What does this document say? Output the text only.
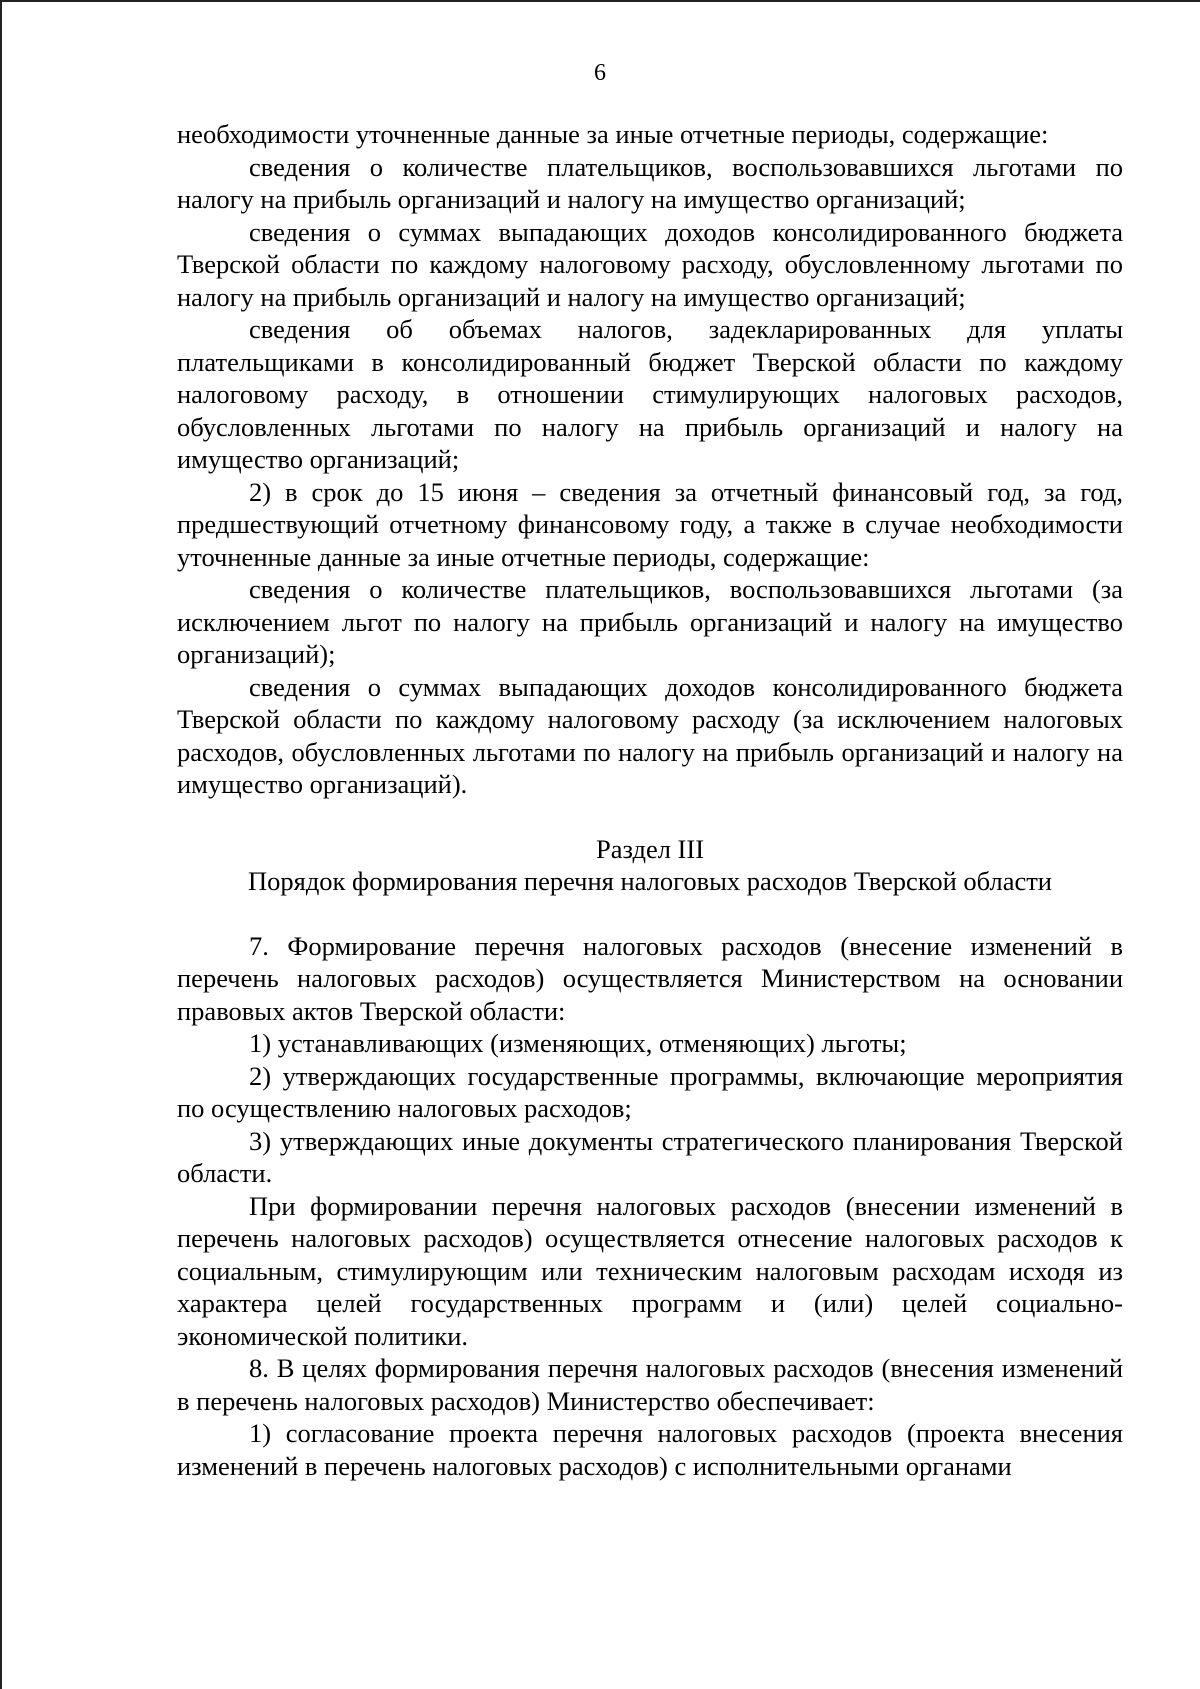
6

необходимости уточненные данные за иные отчетные периоды, содержащие:

сведения о количестве плательщиков, воспользовавшихся льготами по налогу на прибыль организаций и налогу на имущество организаций;

сведения о суммах выпадающих доходов консолидированного бюджета Тверской области по каждому налоговому расходу, обусловленному льготами по налогу на прибыль организаций и налогу на имущество организаций;

сведения об объемах налогов, задекларированных для уплаты плательщиками в консолидированный бюджет Тверской области по каждому налоговому расходу, в отношении стимулирующих налоговых расходов, обусловленных льготами по налогу на прибыль организаций и налогу на имущество организаций;

2) в срок до 15 июня – сведения за отчетный финансовый год, за год, предшествующий отчетному финансовому году, а также в случае необходимости уточненные данные за иные отчетные периоды, содержащие:

сведения о количестве плательщиков, воспользовавшихся льготами (за исключением льгот по налогу на прибыль организаций и налогу на имущество организаций);

сведения о суммах выпадающих доходов консолидированного бюджета Тверской области по каждому налоговому расходу (за исключением налоговых расходов, обусловленных льготами по налогу на прибыль организаций и налогу на имущество организаций).

Раздел III

Порядок формирования перечня налоговых расходов Тверской области

7. Формирование перечня налоговых расходов (внесение изменений в перечень налоговых расходов) осуществляется Министерством на основании правовых актов Тверской области:

1) устанавливающих (изменяющих, отменяющих) льготы;

2) утверждающих государственные программы, включающие мероприятия по осуществлению налоговых расходов;

3) утверждающих иные документы стратегического планирования Тверской области.

При формировании перечня налоговых расходов (внесении изменений в перечень налоговых расходов) осуществляется отнесение налоговых расходов к социальным, стимулирующим или техническим налоговым расходам исходя из характера целей государственных программ и (или) целей социально-экономической политики.

8. В целях формирования перечня налоговых расходов (внесения изменений в перечень налоговых расходов) Министерство обеспечивает:

1) согласование проекта перечня налоговых расходов (проекта внесения изменений в перечень налоговых расходов) с исполнительными органами
